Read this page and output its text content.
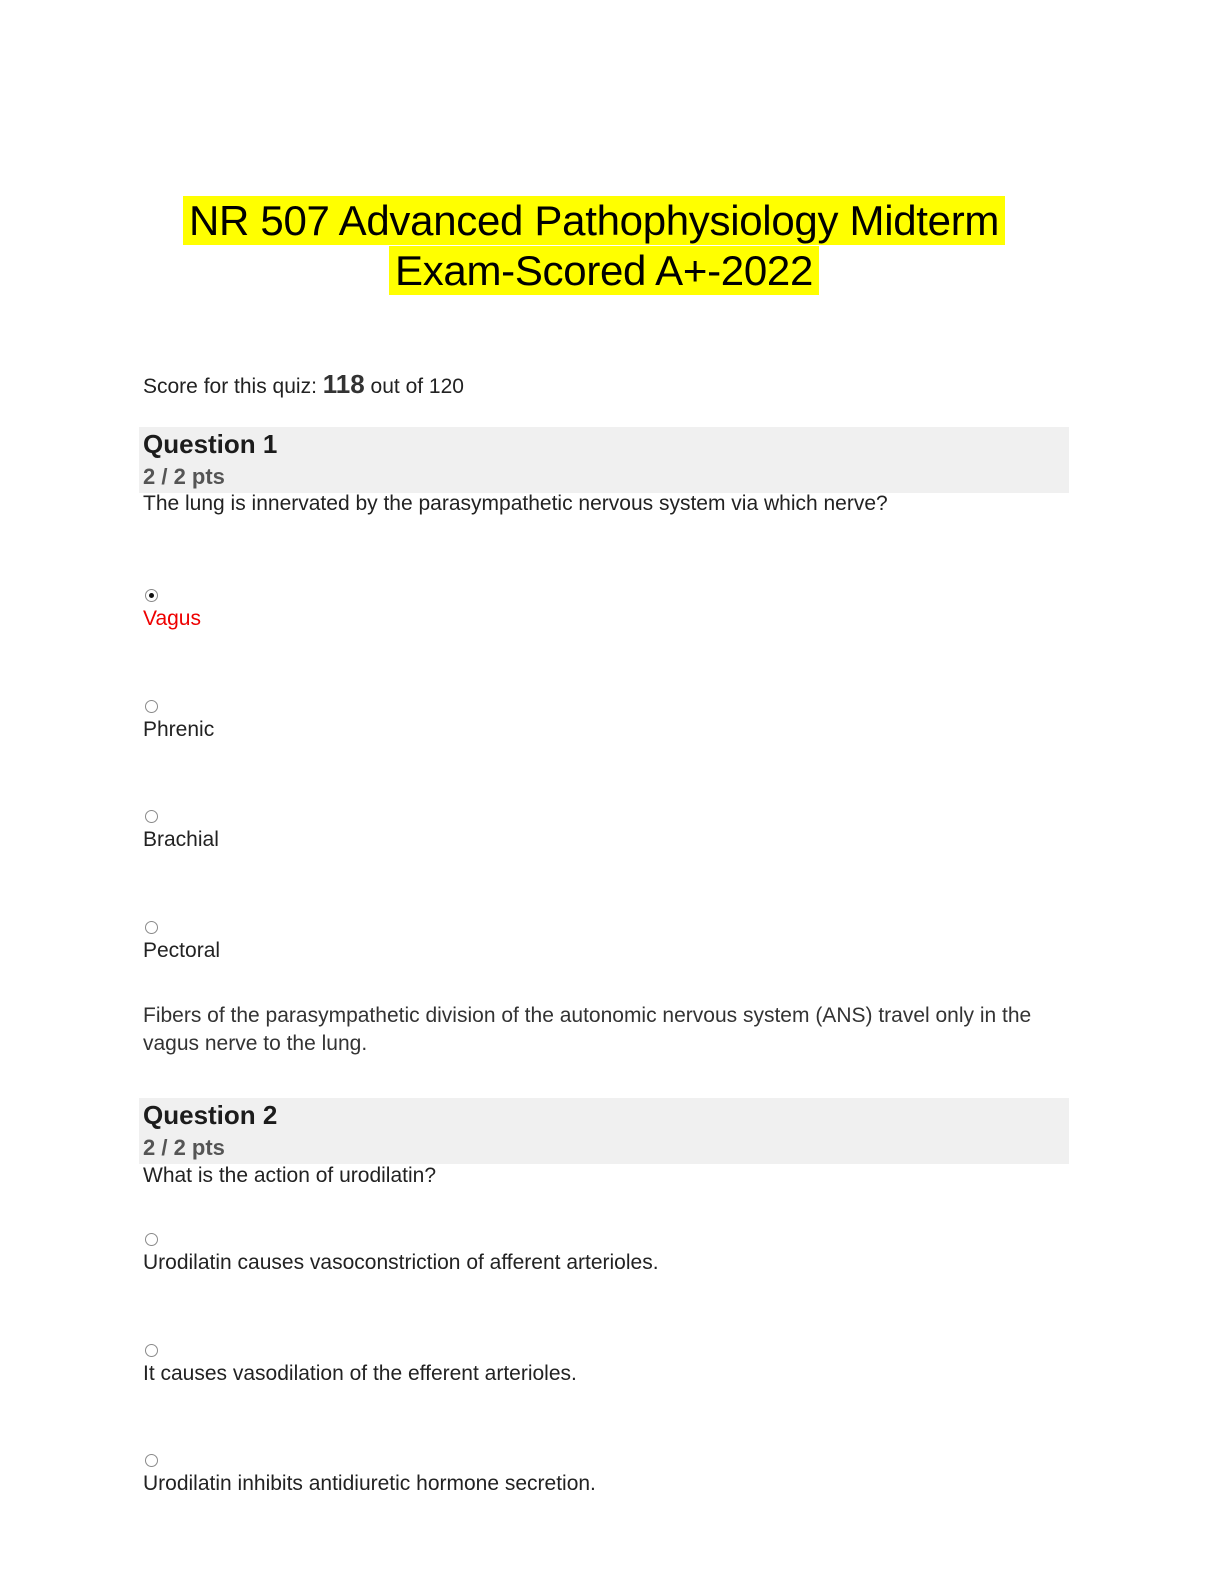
NR 507 Advanced Pathophysiology Midterm
Exam-Scored A+-2022
Score for this quiz: 118 out of 120
Question 1
2 / 2 pts
The lung is innervated by the parasympathetic nervous system via which nerve?
Vagus
Phrenic
Brachial
Pectoral
Fibers of the parasympathetic division of the autonomic nervous system (ANS) travel only in the vagus nerve to the lung.
Question 2
2 / 2 pts
What is the action of urodilatin?
Urodilatin causes vasoconstriction of afferent arterioles.
It causes vasodilation of the efferent arterioles.
Urodilatin inhibits antidiuretic hormone secretion.
